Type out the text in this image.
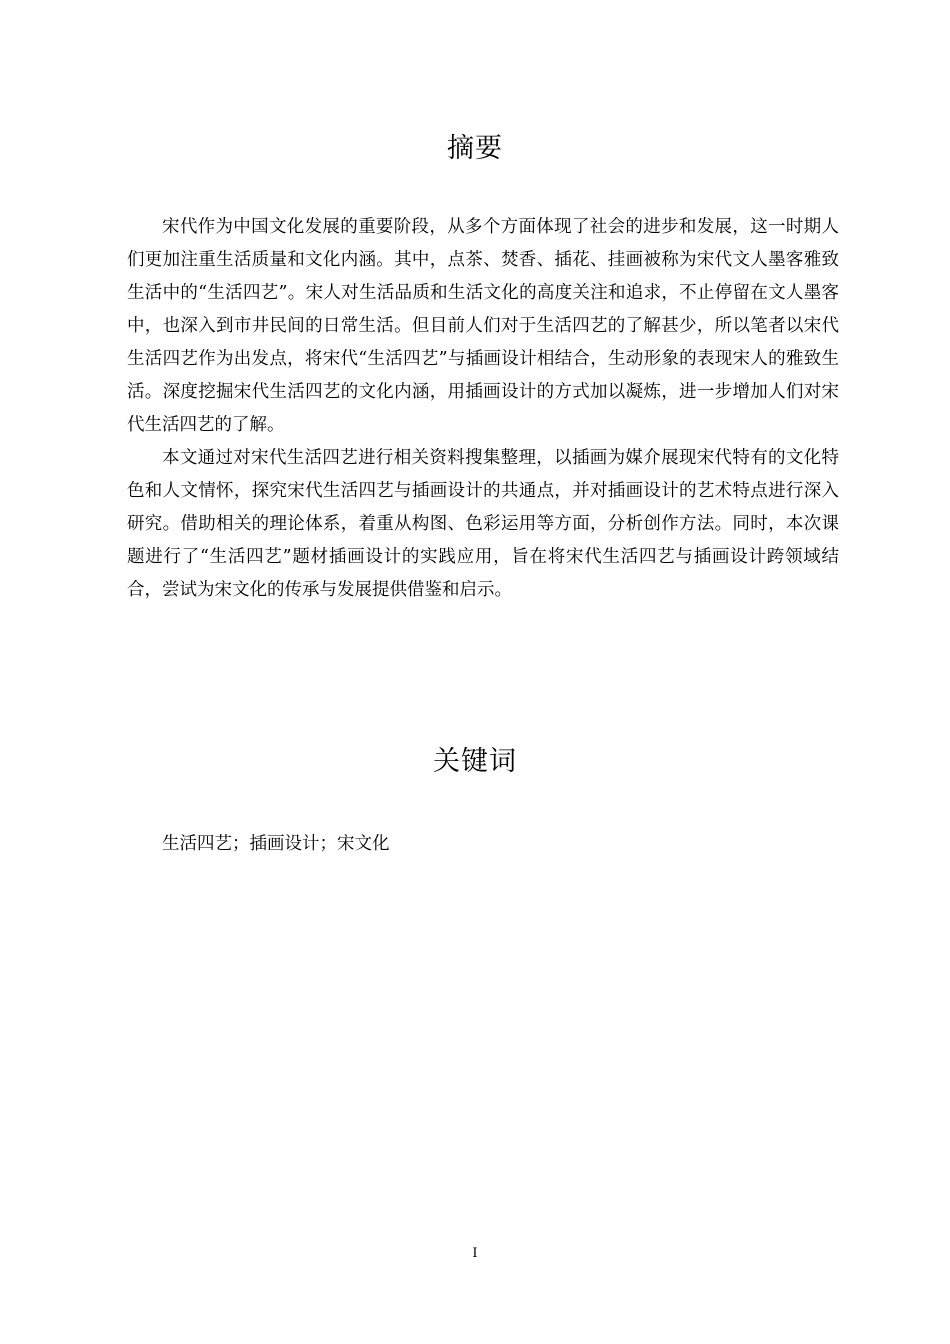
摘要

宋代作为中国文化发展的重要阶段，从多个方面体现了社会的进步和发展，这一时期人们更加注重生活质量和文化内涵。其中，点茶、焚香、插花、挂画被称为宋代文人墨客雅致生活中的“生活四艺”。宋人对生活品质和生活文化的高度关注和追求，不止停留在文人墨客中，也深入到市井民间的日常生活。但目前人们对于生活四艺的了解甚少，所以笔者以宋代生活四艺作为出发点，将宋代“生活四艺”与插画设计相结合，生动形象的表现宋人的雅致生活。深度挖掘宋代生活四艺的文化内涵，用插画设计的方式加以凝炼，进一步增加人们对宋代生活四艺的了解。

本文通过对宋代生活四艺进行相关资料搜集整理，以插画为媒介展现宋代特有的文化特色和人文情怀，探究宋代生活四艺与插画设计的共通点，并对插画设计的艺术特点进行深入研究。借助相关的理论体系，着重从构图、色彩运用等方面，分析创作方法。同时，本次课题进行了“生活四艺”题材插画设计的实践应用，旨在将宋代生活四艺与插画设计跨领域结合，尝试为宋文化的传承与发展提供借鉴和启示。

关键词

生活四艺；插画设计；宋文化

I
